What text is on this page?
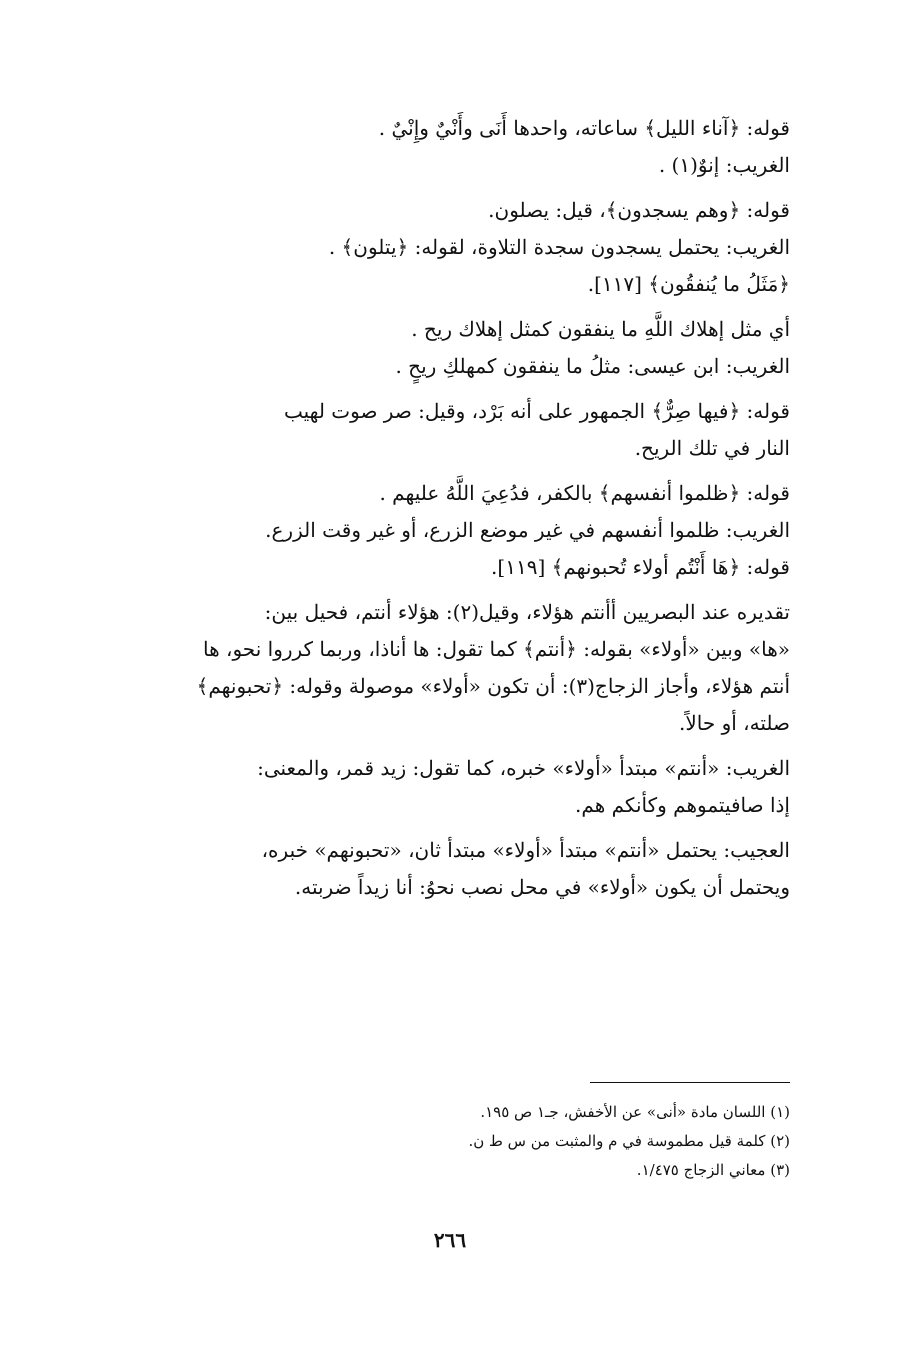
قوله: ﴿آناء الليل﴾ ساعاته، واحدها أَنَى وأَنْيٌ وإِنْيٌ .
الغريب: إنوٌ(١) .
قوله: ﴿وهم يسجدون﴾، قيل: يصلون.
الغريب: يحتمل يسجدون سجدة التلاوة، لقوله: ﴿يتلون﴾ .
﴿مَثَلُ ما يُنفقُون﴾ [١١٧].
أي مثل إهلاك اللَّهِ ما ينفقون كمثل إهلاك ريح .
الغريب: ابن عيسى: مثلُ ما ينفقون كمهلكِ ريحٍ .
قوله: ﴿فيها صِرٌّ﴾ الجمهور على أنه بَرْد، وقيل: صر صوت لهيب
النار في تلك الريح.
قوله: ﴿ظلموا أنفسهم﴾ بالكفر، فدُعِيَ اللَّهُ عليهم .
الغريب: ظلموا أنفسهم في غير موضع الزرع، أو غير وقت الزرع.
قوله: ﴿هَا أَنْتُم أولاء تُحبونهم﴾ [١١٩].
تقديره عند البصريين أأنتم هؤلاء، وقيل(٢): هؤلاء أنتم، فحيل بين:
«ها» وبين «أولاء» بقوله: ﴿أنتم﴾ كما تقول: ها أناذا، وربما كرروا نحو، ها
أنتم هؤلاء، وأجاز الزجاج(٣): أن تكون «أولاء» موصولة وقوله: ﴿تحبونهم﴾
صلته، أو حالاً.
الغريب: «أنتم» مبتدأ «أولاء» خبره، كما تقول: زيد قمر، والمعنى:
إذا صافيتموهم وكأنكم هم.
العجيب: يحتمل «أنتم» مبتدأ «أولاء» مبتدأ ثان، «تحبونهم» خبره،
ويحتمل أن يكون «أولاء» في محل نصب نحوُ: أنا زيداً ضربته.
(١) اللسان مادة «أنى» عن الأخفش، جـ١ ص ١٩٥.
(٢) كلمة قيل مطموسة في م والمثبت من س ط ن.
(٣) معاني الزجاج ١/٤٧٥.
٢٦٦
